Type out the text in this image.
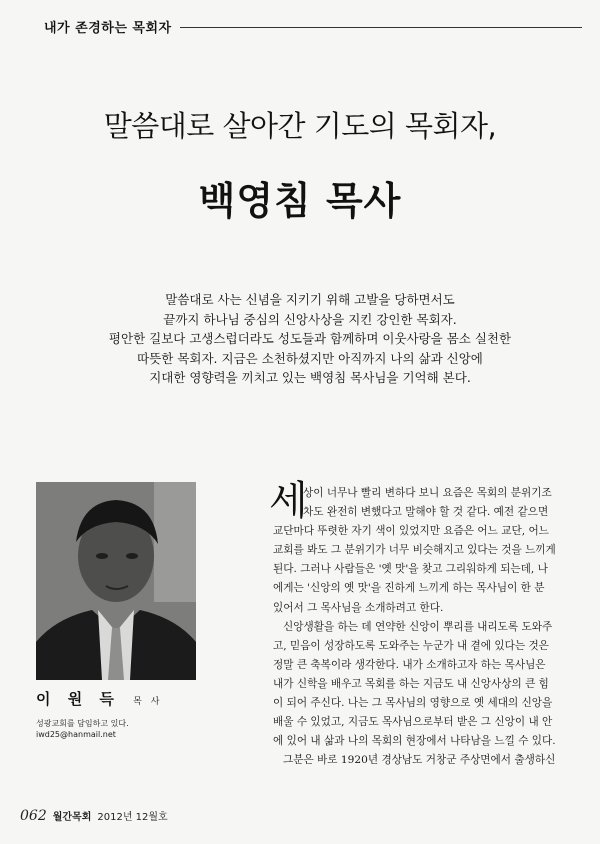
내가 존경하는 목회자
말씀대로 살아간 기도의 목회자,
백영침 목사
말씀대로 사는 신념을 지키기 위해 고발을 당하면서도
끝까지 하나님 중심의 신앙사상을 지킨 강인한 목회자.
평안한 길보다 고생스럽더라도 성도들과 함께하며 이웃사랑을 몸소 실천한
따뜻한 목회자. 지금은 소천하셨지만 아직까지 나의 삶과 신앙에
지대한 영향력을 끼치고 있는 백영침 목사님을 기억해 본다.
이 원 득 목 사
성광교회를 담임하고 있다.
iwd25@hanmail.net
세
상이 너무나 빨리 변하다 보니 요즘은 목회의 분위기조
차도 완전히 변했다고 말해야 할 것 같다. 예전 같으면
교단마다 뚜렷한 자기 색이 있었지만 요즘은 어느 교단, 어느
교회를 봐도 그 분위기가 너무 비슷해지고 있다는 것을 느끼게
된다. 그러나 사람들은 '옛 맛'을 찾고 그리워하게 되는데, 나
에게는 '신앙의 옛 맛'을 진하게 느끼게 하는 목사님이 한 분
있어서 그 목사님을 소개하려고 한다.
신앙생활을 하는 데 연약한 신앙이 뿌리를 내리도록 도와주
고, 믿음이 성장하도록 도와주는 누군가 내 곁에 있다는 것은
정말 큰 축복이라 생각한다. 내가 소개하고자 하는 목사님은
내가 신학을 배우고 목회를 하는 지금도 내 신앙사상의 큰 힘
이 되어 주신다. 나는 그 목사님의 영향으로 옛 세대의 신앙을
배울 수 있었고, 지금도 목사님으로부터 받은 그 신앙이 내 안
에 있어 내 삶과 나의 목회의 현장에서 나타남을 느낄 수 있다.
그분은 바로 1920년 경상남도 거창군 주상면에서 출생하신
062 월간목회 2012년 12월호
